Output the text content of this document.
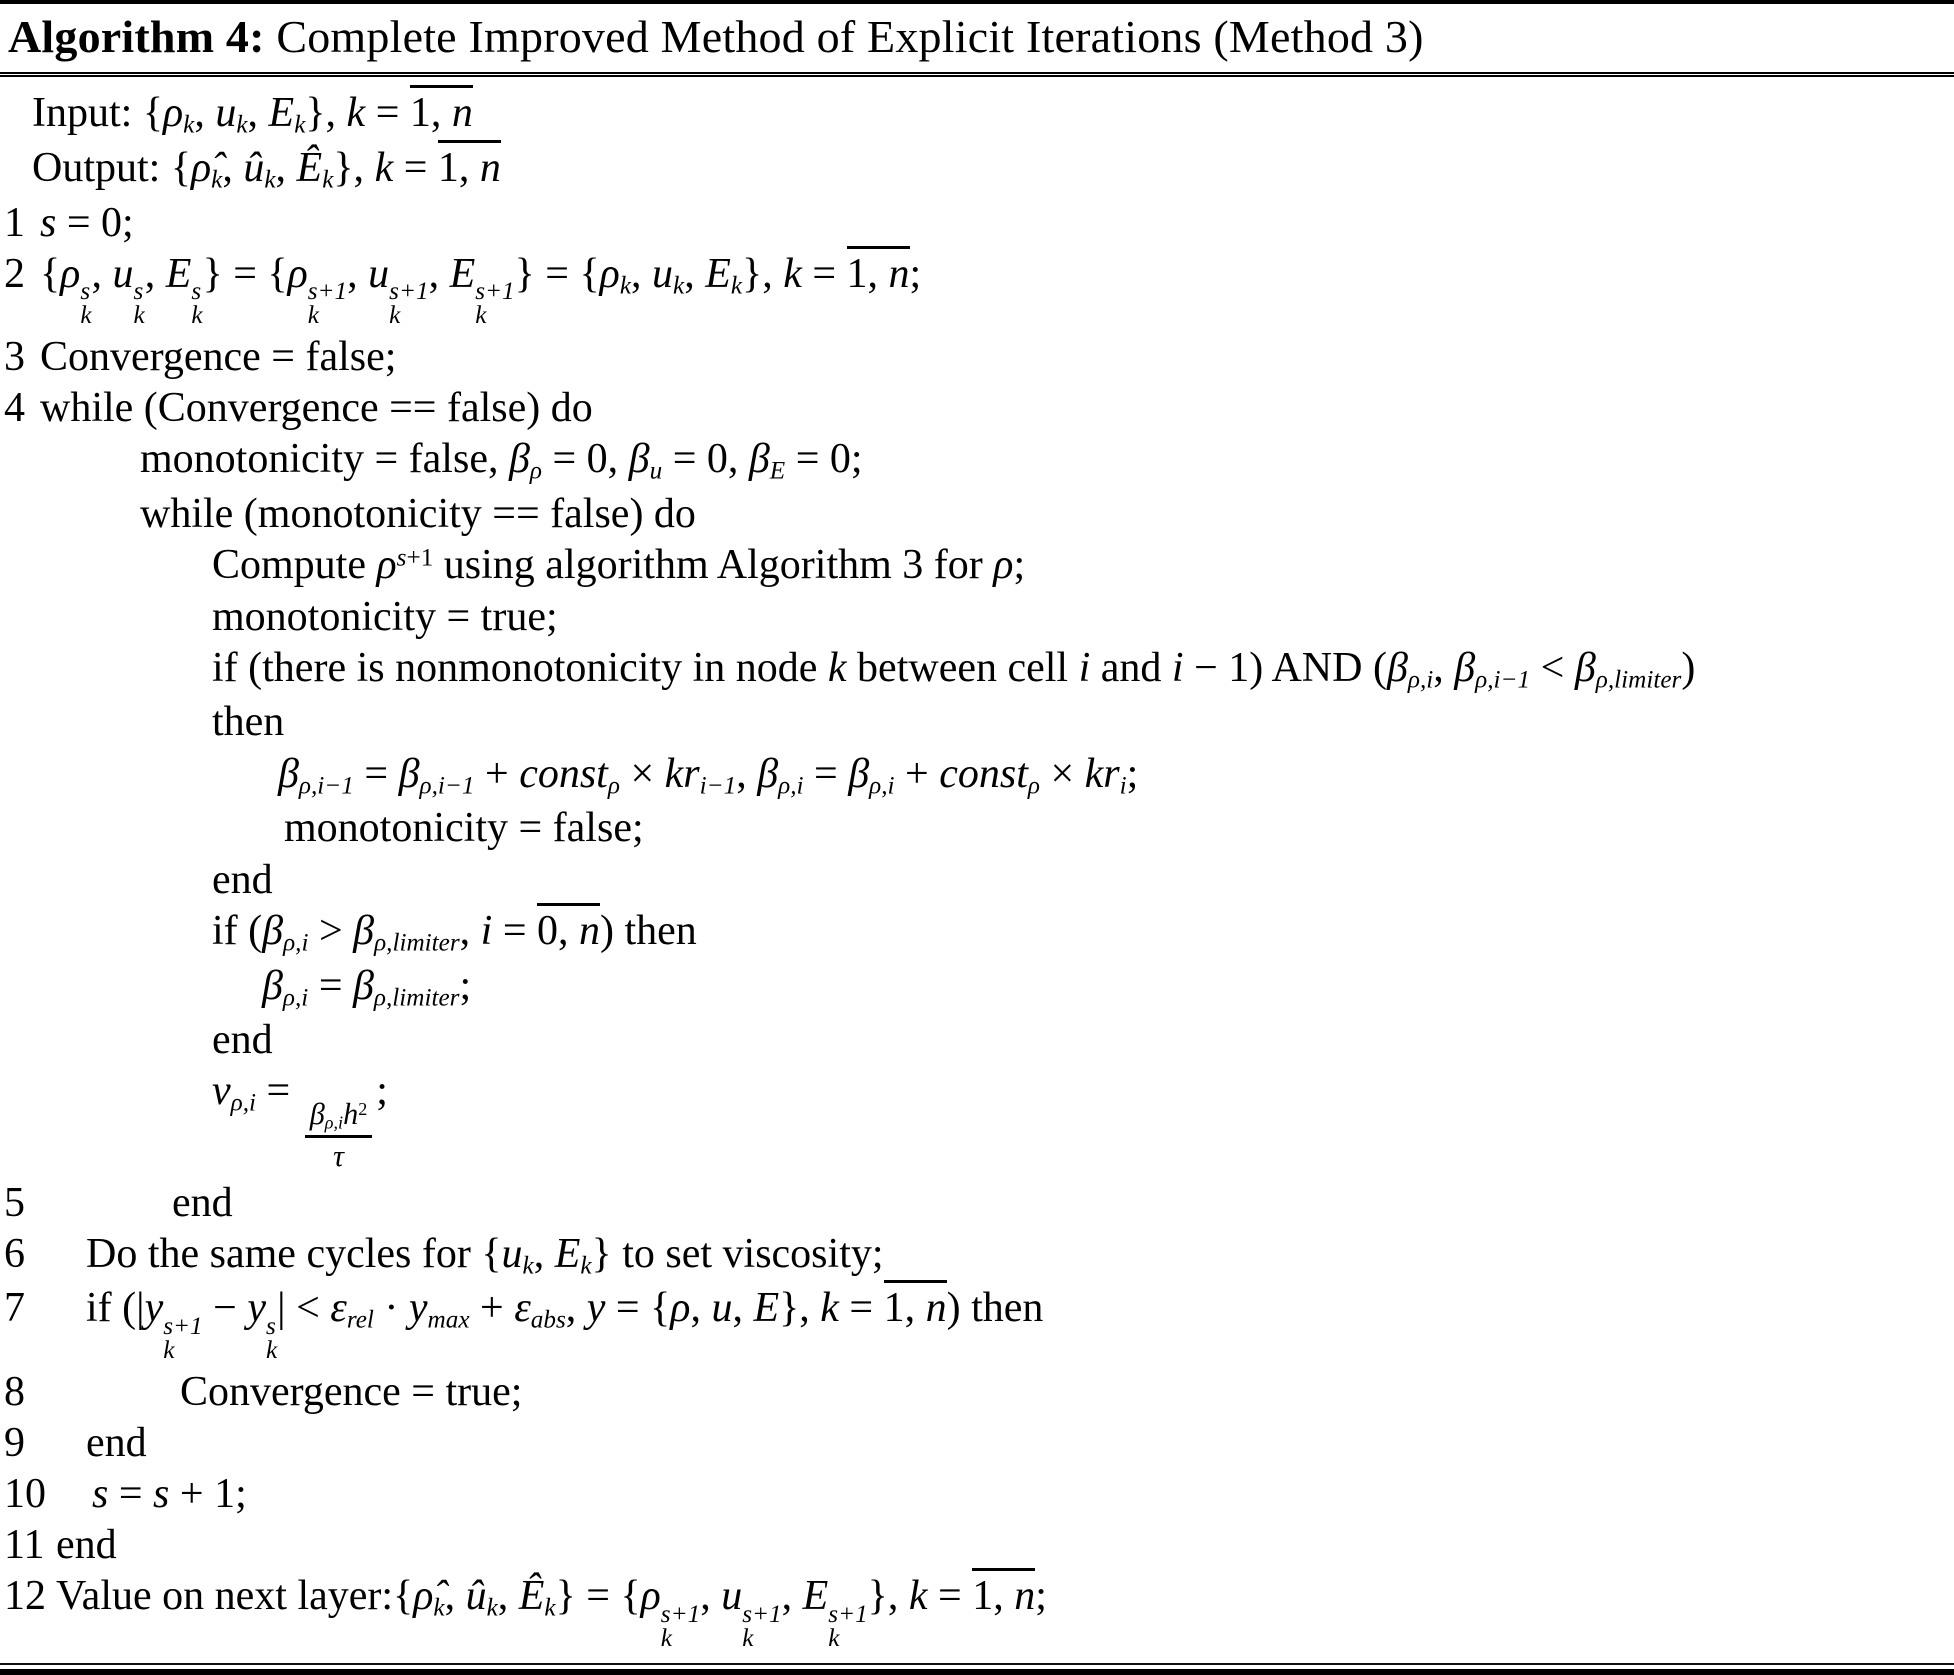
Algorithm 4: Complete Improved Method of Explicit Iterations (Method 3)
Input: {$\rho_k$, $u_k$, $E_k$}, k = 1, n
Output: {$\rhô_k$, $û_k$, $Ê_k$}, k = 1, n
1 s = 0;
2 {ρ s
k
, u s
k
, E s
k
} = {ρ s+1
k
, u s+1
k
, E s+1
k
} = {$\rho_k$, $u_k$, $E_k$}, k = 1, n;
3 Convergence = false;
4 while (Convergence == false) do
monotonicity = false, $\beta_\rho = 0$, $\beta_u = 0$, $\beta_E = 0$;
while (monotonicity == false) do
Compute $\rho^{s+1}$ using algorithm Algorithm 3 for ρ;
monotonicity = true;
if (there is nonmonotonicity in node k between cell i and i − 1) AND ($\beta_{\rho,i}$, $\beta_{\rho,i-1} < \beta_{\rho,limiter}$)
then
$\beta_{\rho,i-1} = \beta_{\rho,i-1}$ + const$_\rho$ × $kr_{i-1}$, $\beta_{\rho,i} = \beta_{\rho,i}$ + const$_\rho$ × $kr_i$;
monotonicity = false;
end
if ($\beta_{\rho,i} > \beta_{\rho,limiter}$, i = 0, n) then
$\beta_{\rho,i} = \beta_{\rho,limiter}$;
end
$\nu_{\rho,i}$ =
$\frac{\beta_{\rho,i}h^2}{\tau}$
;
5	end
6 Do the same cycles for {$u_k$, $E_k$} to set viscosity;
7 if (|y s+1
k
− y s
k
| < $\varepsilon_{rel} \cdot y_{max} + \varepsilon_{abs}$, y = {ρ, u, E}, k = 1, n) then
8	Convergence = true;
9 end
10 s = s + 1;
11 end
12 Value on next $layer:\{\rhô_k$, $û_k$, $Ê_k\} = \{\rho$ s+1
k
, u s+1
k
, E s+1
k
}, k = 1, n;
